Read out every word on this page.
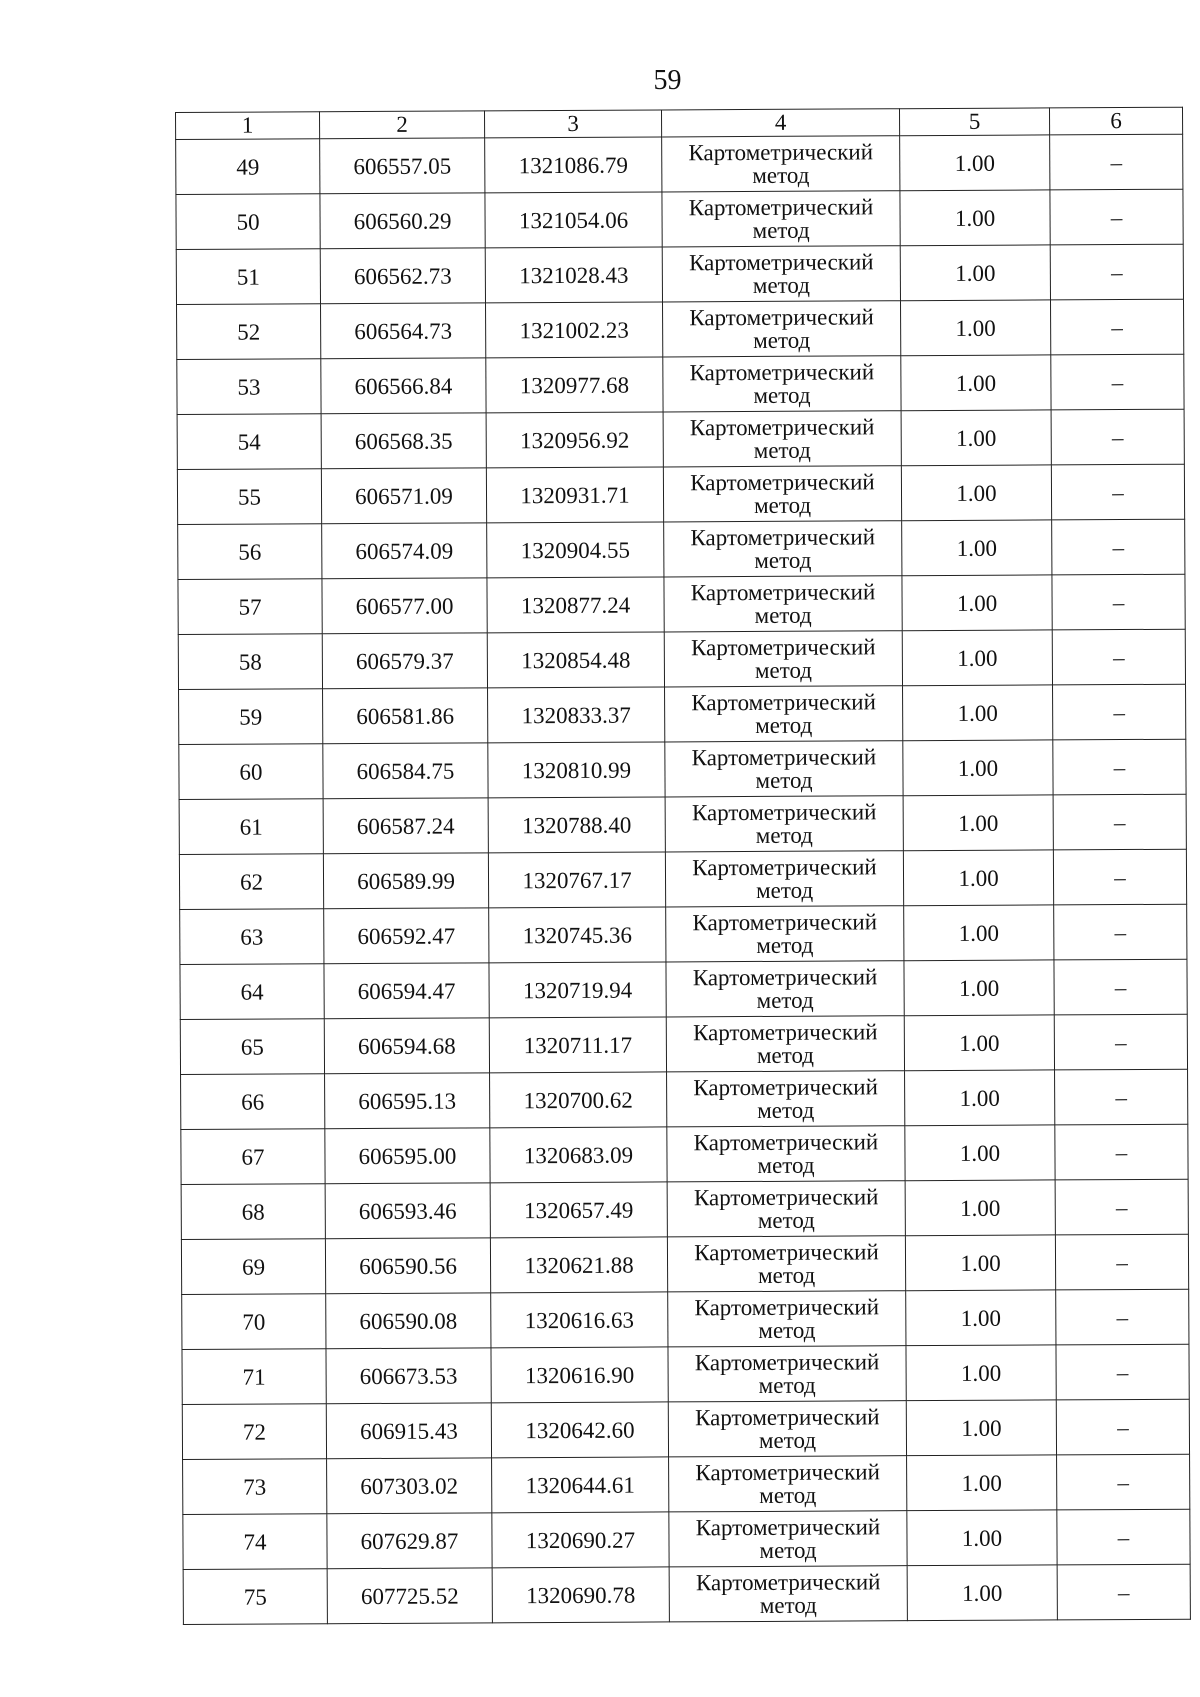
59
1	2	3	4	5	6
49	606557.05	1321086.79	Картометрический метод	1.00	–
50	606560.29	1321054.06	Картометрический метод	1.00	–
51	606562.73	1321028.43	Картометрический метод	1.00	–
52	606564.73	1321002.23	Картометрический метод	1.00	–
53	606566.84	1320977.68	Картометрический метод	1.00	–
54	606568.35	1320956.92	Картометрический метод	1.00	–
55	606571.09	1320931.71	Картометрический метод	1.00	–
56	606574.09	1320904.55	Картометрический метод	1.00	–
57	606577.00	1320877.24	Картометрический метод	1.00	–
58	606579.37	1320854.48	Картометрический метод	1.00	–
59	606581.86	1320833.37	Картометрический метод	1.00	–
60	606584.75	1320810.99	Картометрический метод	1.00	–
61	606587.24	1320788.40	Картометрический метод	1.00	–
62	606589.99	1320767.17	Картометрический метод	1.00	–
63	606592.47	1320745.36	Картометрический метод	1.00	–
64	606594.47	1320719.94	Картометрический метод	1.00	–
65	606594.68	1320711.17	Картометрический метод	1.00	–
66	606595.13	1320700.62	Картометрический метод	1.00	–
67	606595.00	1320683.09	Картометрический метод	1.00	–
68	606593.46	1320657.49	Картометрический метод	1.00	–
69	606590.56	1320621.88	Картометрический метод	1.00	–
70	606590.08	1320616.63	Картометрический метод	1.00	–
71	606673.53	1320616.90	Картометрический метод	1.00	–
72	606915.43	1320642.60	Картометрический метод	1.00	–
73	607303.02	1320644.61	Картометрический метод	1.00	–
74	607629.87	1320690.27	Картометрический метод	1.00	–
75	607725.52	1320690.78	Картометрический метод	1.00	–
